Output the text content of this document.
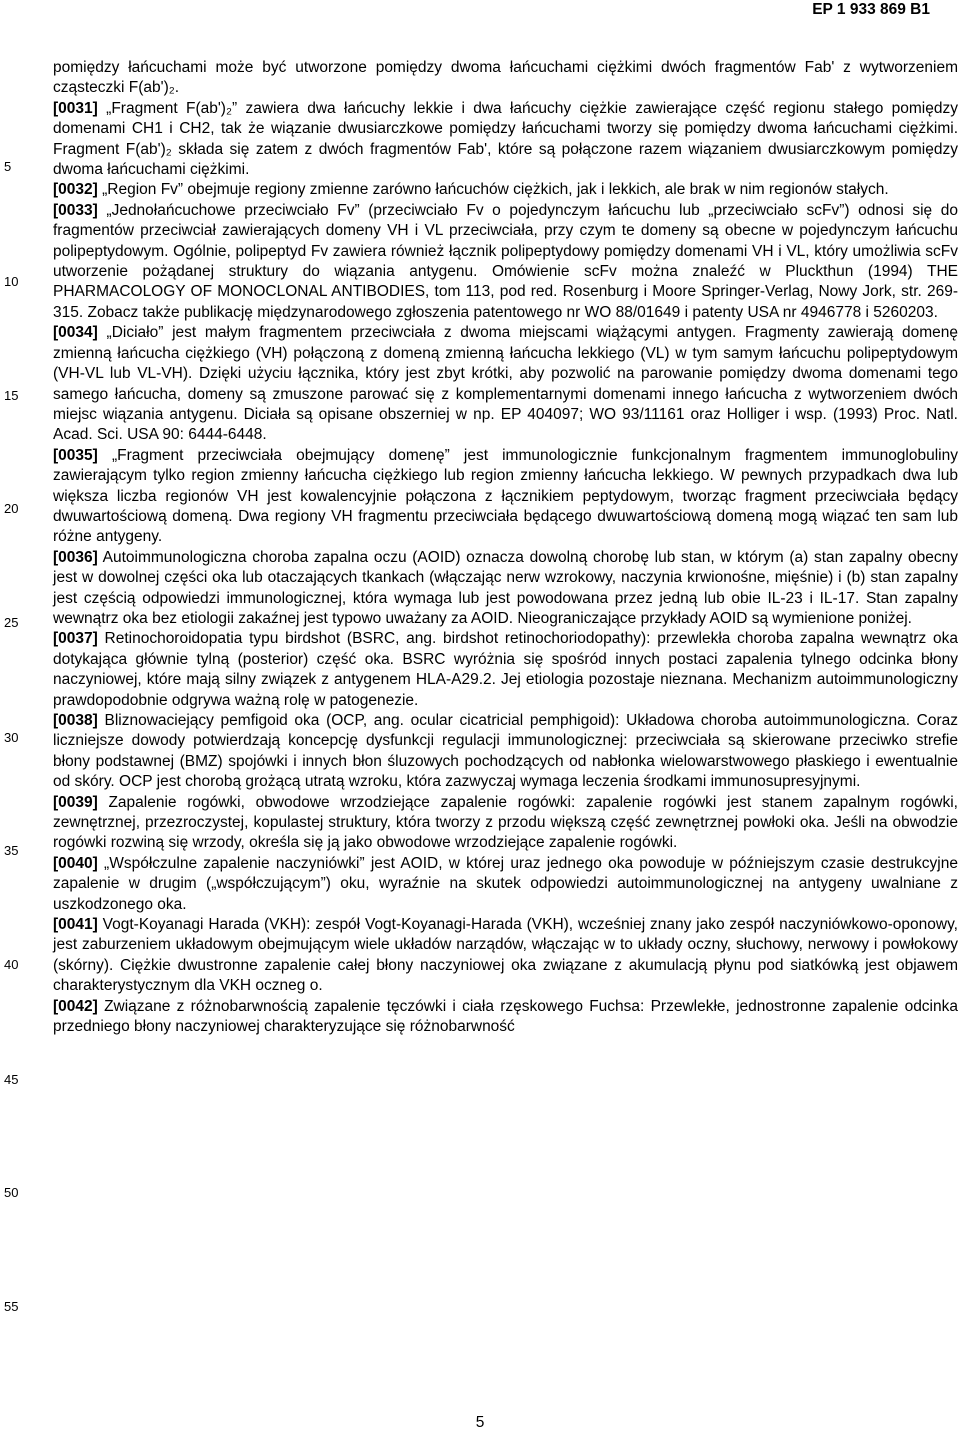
EP 1 933 869 B1
5
10
15
20
25
30
35
40
45
50
55

pomiędzy łańcuchami może być utworzone pomiędzy dwoma łańcuchami ciężkimi dwóch fragmentów Fab' z wytworzeniem cząsteczki F(ab')₂.

[0031] „Fragment F(ab')₂” zawiera dwa łańcuchy lekkie i dwa łańcuchy ciężkie zawierające część regionu stałego pomiędzy domenami CH1 i CH2, tak że wiązanie dwusiarczkowe pomiędzy łańcuchami tworzy się pomiędzy dwoma łańcuchami ciężkimi. Fragment F(ab')₂ składa się zatem z dwóch fragmentów Fab', które są połączone razem wiązaniem dwusiarczkowym pomiędzy dwoma łańcuchami ciężkimi.

[0032] „Region Fv” obejmuje regiony zmienne zarówno łańcuchów ciężkich, jak i lekkich, ale brak w nim regionów stałych.

[0033] „Jednołańcuchowe przeciwciało Fv” (przeciwciało Fv o pojedynczym łańcuchu lub „przeciwciało scFv”) odnosi się do fragmentów przeciwciał zawierających domeny VH i VL przeciwciała, przy czym te domeny są obecne w pojedynczym łańcuchu polipeptydowym. Ogólnie, polipeptyd Fv zawiera również łącznik polipeptydowy pomiędzy domenami VH i VL, który umożliwia scFv utworzenie pożądanej struktury do wiązania antygenu. Omówienie scFv można znaleźć w Pluckthun (1994) THE PHARMACOLOGY OF MONOCLONAL ANTIBODIES, tom 113, pod red. Rosenburg i Moore Springer-Verlag, Nowy Jork, str. 269-315. Zobacz także publikację międzynarodowego zgłoszenia patentowego nr WO 88/01649 i patenty USA nr 4946778 i 5260203.

[0034] „Diciało” jest małym fragmentem przeciwciała z dwoma miejscami wiążącymi antygen. Fragmenty zawierają domenę zmienną łańcucha ciężkiego (VH) połączoną z domeną zmienną łańcucha lekkiego (VL) w tym samym łańcuchu polipeptydowym (VH-VL lub VL-VH). Dzięki użyciu łącznika, który jest zbyt krótki, aby pozwolić na parowanie pomiędzy dwoma domenami tego samego łańcucha, domeny są zmuszone parować się z komplementarnymi domenami innego łańcucha z wytworzeniem dwóch miejsc wiązania antygenu. Diciała są opisane obszerniej w np. EP 404097; WO 93/11161 oraz Holliger i wsp. (1993) Proc. Natl. Acad. Sci. USA 90: 6444-6448.

[0035] „Fragment przeciwciała obejmujący domenę” jest immunologicznie funkcjonalnym fragmentem immunoglobuliny zawierającym tylko region zmienny łańcucha ciężkiego lub region zmienny łańcucha lekkiego. W pewnych przypadkach dwa lub większa liczba regionów VH jest kowalencyjnie połączona z łącznikiem peptydowym, tworząc fragment przeciwciała będący dwuwartościową domeną. Dwa regiony VH fragmentu przeciwciała będącego dwuwartościową domeną mogą wiązać ten sam lub różne antygeny.

[0036] Autoimmunologiczna choroba zapalna oczu (AOID) oznacza dowolną chorobę lub stan, w którym (a) stan zapalny obecny jest w dowolnej części oka lub otaczających tkankach (włączając nerw wzrokowy, naczynia krwionośne, mięśnie) i (b) stan zapalny jest częścią odpowiedzi immunologicznej, która wymaga lub jest powodowana przez jedną lub obie IL-23 i IL-17. Stan zapalny wewnątrz oka bez etiologii zakaźnej jest typowo uważany za AOID. Nieograniczające przykłady AOID są wymienione poniżej.

[0037] Retinochoroidopatia typu birdshot (BSRC, ang. birdshot retinochoriodopathy): przewlekła choroba zapalna wewnątrz oka dotykająca głównie tylną (posterior) część oka. BSRC wyróżnia się spośród innych postaci zapalenia tylnego odcinka błony naczyniowej, które mają silny związek z antygenem HLA-A29.2. Jej etiologia pozostaje nieznana. Mechanizm autoimmunologiczny prawdopodobnie odgrywa ważną rolę w patogenezie.

[0038] Bliznowaciejący pemfigoid oka (OCP, ang. ocular cicatricial pemphigoid): Układowa choroba autoimmunologiczna. Coraz liczniejsze dowody potwierdzają koncepcję dysfunkcji regulacji immunologicznej: przeciwciała są skierowane przeciwko strefie błony podstawnej (BMZ) spojówki i innych błon śluzowych pochodzących od nabłonka wielowarstwowego płaskiego i ewentualnie od skóry. OCP jest chorobą grożącą utratą wzroku, która zazwyczaj wymaga leczenia środkami immunosupresyjnymi.

[0039] Zapalenie rogówki, obwodowe wrzodziejące zapalenie rogówki: zapalenie rogówki jest stanem zapalnym rogówki, zewnętrznej, przezroczystej, kopulastej struktury, która tworzy z przodu większą część zewnętrznej powłoki oka. Jeśli na obwodzie rogówki rozwiną się wrzody, określa się ją jako obwodowe wrzodziejące zapalenie rogówki.

[0040] „Współczulne zapalenie naczyniówki” jest AOID, w której uraz jednego oka powoduje w późniejszym czasie destrukcyjne zapalenie w drugim („współczującym”) oku, wyraźnie na skutek odpowiedzi autoimmunologicznej na antygeny uwalniane z uszkodzonego oka.

[0041] Vogt-Koyanagi Harada (VKH): zespół Vogt-Koyanagi-Harada (VKH), wcześniej znany jako zespół naczyniówkowo-oponowy, jest zaburzeniem układowym obejmującym wiele układów narządów, włączając w to układy oczny, słuchowy, nerwowy i powłokowy (skórny). Ciężkie dwustronne zapalenie całej błony naczyniowej oka związane z akumulacją płynu pod siatkówką jest objawem charakterystycznym dla VKH oczneg o.

[0042] Związane z różnobarwnością zapalenie tęczówki i ciała rzęskowego Fuchsa: Przewlekłe, jednostronne zapalenie odcinka przedniego błony naczyniowej charakteryzujące się różnobarwność

5
